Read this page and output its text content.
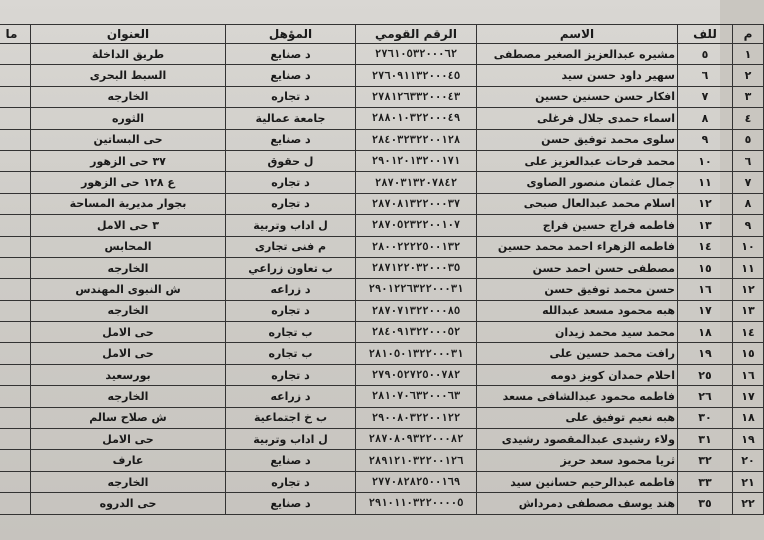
م	للف	الاسم	الرقم القومي	المؤهل	العنوان	ما
١	٥	مشيره عبدالعزيز الصغير مصطفى	٢٧٦١٠٥٣٢٠٠٠٦٢	د صنايع	طريق الداخلة	
٢	٦	سهير داود حسن سيد	٢٧٦٠٩١١٣٢٠٠٠٤٥	د صنايع	السبط البحرى	
٣	٧	افكار حسن حسنين حسين	٢٧٨١٢٦٣٣٢٠٠٠٤٣	د تجاره	الخارجه	
٤	٨	اسماء حمدى جلال فرغلى	٢٨٨٠١٠٣٢٢٠٠٠٤٩	جامعة عمالية	الثوره	
٥	٩	سلوى محمد توفيق حسن	٢٨٤٠٣٢٣٢٢٠٠١٢٨	د صنايع	حى البساتين	
٦	١٠	محمد فرحات عبدالعزيز على	٢٩٠١٢٠١٣٢٠٠١٧١	ل حقوق	٣٧ حى الزهور	
٧	١١	جمال عثمان منصور الصاوى	٢٨٧٠٣١٣٢٠٧٨٤٢	د تجاره	ع ١٢٨ حى الزهور	
٨	١٢	اسلام محمد عبدالعال صبحى	٢٨٧٠٨١٣٢٢٠٠٠٣٧	د تجاره	بجوار مديرية المساحة	
٩	١٣	فاطمه فراج حسين فراج	٢٨٧٠٥٢٣٢٢٠٠١٠٧	ل اداب وتربية	٣ حى الامل	
١٠	١٤	فاطمه الزهراء احمد محمد حسين	٢٨٠٠٢٢٢٢٥٠٠١٣٢	م فنى تجارى	المحابس	
١١	١٥	مصطفى حسن احمد حسن	٢٨٧١٢٢٠٣٢٠٠٠٣٥	ب تعاون زراعي	الخارجه	
١٢	١٦	حسن محمد توفيق حسن	٢٩٠١٢٢٦٣٢٢٠٠٠٣١	د زراعه	ش النبوى المهندس	
١٣	١٧	هبه محمود مسعد عبدالله	٢٨٧٠٧١٣٢٢٠٠٠٨٥	د تجاره	الخارجه	
١٤	١٨	محمد سيد محمد زيدان	٢٨٤٠٩١٣٢٢٠٠٠٥٢	ب تجاره	حى الامل	
١٥	١٩	رافت محمد حسين على	٢٨١٠٥٠١٣٢٢٠٠٠٣١	ب تجاره	حى الامل	
١٦	٢٥	احلام حمدان كويز دومه	٢٧٩٠٥٢٧٢٥٠٠٧٨٢	د تجاره	بورسعيد	
١٧	٢٦	فاطمه محمود عبدالشافى مسعد	٢٨١٠٧٠٦٣٢٠٠٠٦٣	د زراعه	الخارجه	
١٨	٣٠	هبه نعيم توفيق على	٢٩٠٠٨٠٣٢٢٠٠١٢٢	ب خ اجتماعية	ش صلاح سالم	
١٩	٣١	ولاء رشيدى عبدالمقصود رشيدى	٢٨٧٠٨٠٩٣٢٢٠٠٠٨٢	ل اداب وتربية	حى الامل	
٢٠	٣٢	ثريا محمود سعد حريز	٢٨٩١٢١٠٣٢٢٠٠١٢٦	د صنايع	عارف	
٢١	٣٣	فاطمه عبدالرحيم حسانين سيد	٢٧٧٠٨٢٨٢٥٠٠١٦٩	د تجاره	الخارجه	
٢٢	٣٥	هند يوسف مصطفى دمرداش	٢٩١٠١١٠٣٢٢٠٠٠٠٥	د صنايع	حى الدروه	
